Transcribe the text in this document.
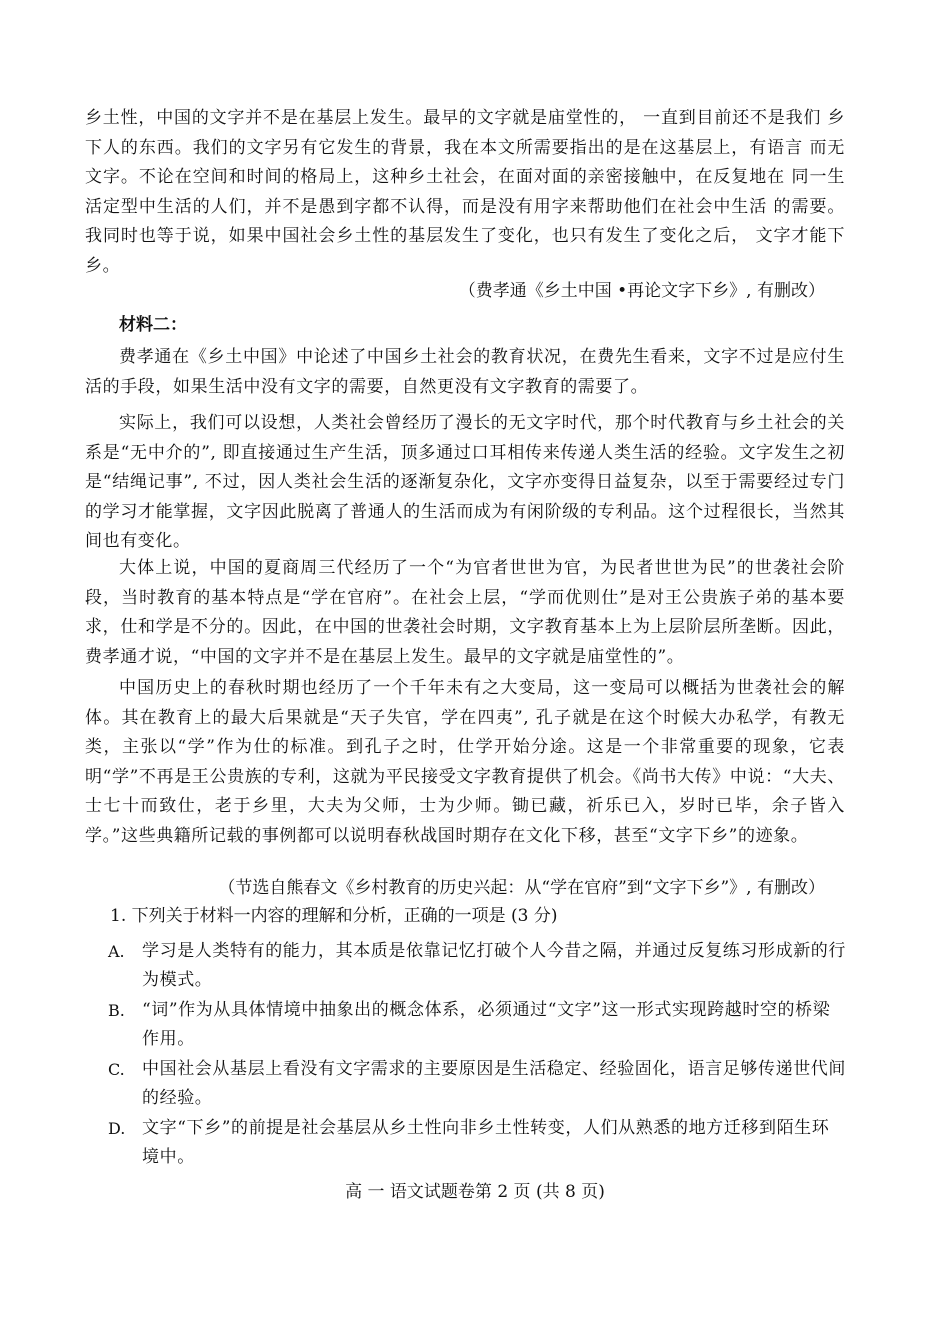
乡土性，中国的文字并不是在基层上发生。最早的文字就是庙堂性的， 一直到目前还不是我们 乡下人的东西。我们的文字另有它发生的背景，我在本文所需要指出的是在这基层上，有语言 而无文字。不论在空间和时间的格局上，这种乡土社会，在面对面的亲密接触中，在反复地在 同一生活定型中生活的人们，并不是愚到字都不认得，而是没有用字来帮助他们在社会中生活 的需要。我同时也等于说，如果中国社会乡土性的基层发生了变化，也只有发生了变化之后， 文字才能下乡。

（费孝通《乡土中国 •再论文字下乡》, 有删改）

材料二：

费孝通在《乡土中国》中论述了中国乡土社会的教育状况，在费先生看来，文字不过是应付生活的手段，如果生活中没有文字的需要，自然更没有文字教育的需要了。

实际上，我们可以设想，人类社会曾经历了漫长的无文字时代，那个时代教育与乡土社会的关系是“无中介的”, 即直接通过生产生活，顶多通过口耳相传来传递人类生活的经验。文字发生之初是“结绳记事”, 不过，因人类社会生活的逐渐复杂化，文字亦变得日益复杂，以至于需要经过专门的学习才能掌握，文字因此脱离了普通人的生活而成为有闲阶级的专利品。这个过程很长，当然其间也有变化。

大体上说，中国的夏商周三代经历了一个“为官者世世为官，为民者世世为民”的世袭社会阶段，当时教育的基本特点是“学在官府”。在社会上层，“学而优则仕”是对王公贵族子弟的基本要求，仕和学是不分的。因此，在中国的世袭社会时期，文字教育基本上为上层阶层所垄断。因此，费孝通才说，“中国的文字并不是在基层上发生。最早的文字就是庙堂性的”。

中国历史上的春秋时期也经历了一个千年未有之大变局，这一变局可以概括为世袭社会的解体。其在教育上的最大后果就是“天子失官，学在四夷”, 孔子就是在这个时候大办私学，有教无类，主张以“学”作为仕的标准。到孔子之时，仕学开始分途。这是一个非常重要的现象，它表明“学”不再是王公贵族的专利，这就为平民接受文字教育提供了机会。《尚书大传》中说：“大夫、士七十而致仕，老于乡里，大夫为父师，士为少师。锄已藏，祈乐已入，岁时已毕，余子皆入学。”这些典籍所记载的事例都可以说明春秋战国时期存在文化下移，甚至“文字下乡”的迹象。

（节选自熊春文《乡村教育的历史兴起：从“学在官府”到“文字下乡”》, 有删改）

1. 下列关于材料一内容的理解和分析，正确的一项是 (3 分)

A. 学习是人类特有的能力，其本质是依靠记忆打破个人今昔之隔，并通过反复练习形成新的行为模式。

B. “词”作为从具体情境中抽象出的概念体系，必须通过“文字”这一形式实现跨越时空的桥梁作用。

C. 中国社会从基层上看没有文字需求的主要原因是生活稳定、经验固化，语言足够传递世代间的经验。

D. 文字“下乡”的前提是社会基层从乡土性向非乡土性转变，人们从熟悉的地方迁移到陌生环境中。

高 一 语文试题卷第 2 页 (共 8 页)
